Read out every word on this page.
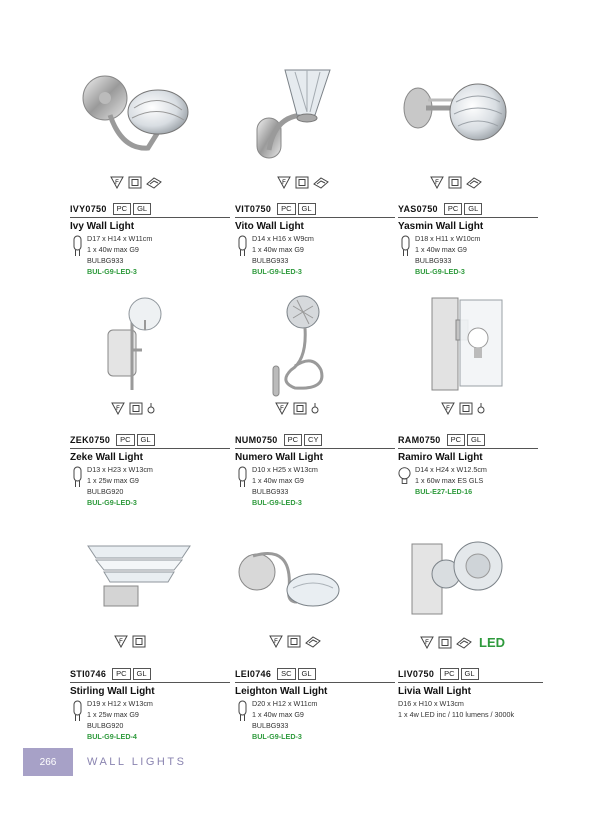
F
IVY0750	PC	GL
Ivy Wall Light
D17 x H14 x W11cm
1 x 40w max G9
BULBG933
BUL-G9-LED-3
F
VIT0750	PC	GL
Vito Wall Light
D14 x H16 x W9cm
1 x 40w max G9
BULBG933
BUL-G9-LED-3
F
YAS0750	PC	GL
Yasmin Wall Light
D18 x H11 x W10cm
1 x 40w max G9
BULBG933
BUL-G9-LED-3
F
ZEK0750	PC	GL
Zeke Wall Light
D13 x H23 x W13cm
1 x 25w max G9
BULBG920
BUL-G9-LED-3
F
NUM0750	PC	CY
Numero Wall Light
D10 x H25 x W13cm
1 x 40w max G9
BULBG933
BUL-G9-LED-3
F
RAM0750	PC	GL
Ramiro Wall Light
D14 x H24 x W12.5cm
1 x 60w max ES GLS
BUL-E27-LED-16
F
STI0746	PC	GL
Stirling Wall Light
D19 x H12 x W13cm
1 x 25w max G9
BULBG920
BUL-G9-LED-4
F
LEI0746	SC	GL
Leighton Wall Light
D20 x H12 x W11cm
1 x 40w max G9
BULBG933
BUL-G9-LED-3
F	LED
LIV0750	PC	GL
Livia Wall Light
D16 x H10 x W13cm
1 x 4w LED inc / 110 lumens / 3000k
266	WALL LIGHTS
